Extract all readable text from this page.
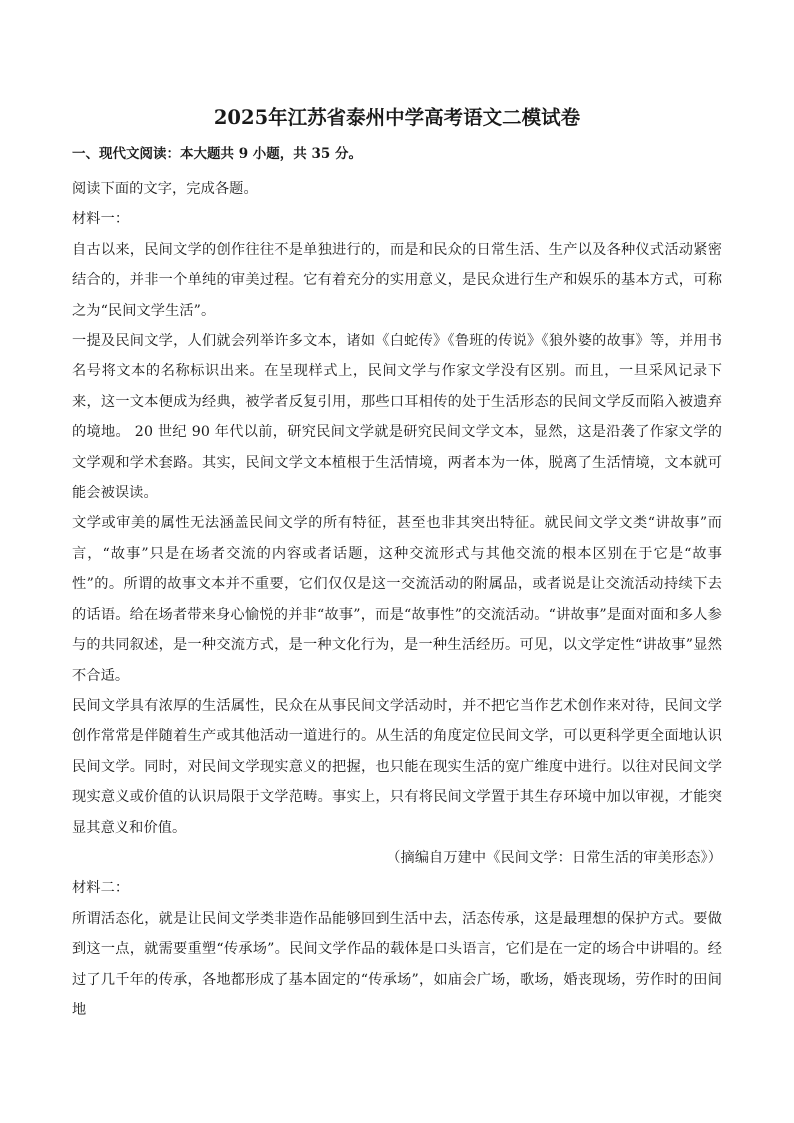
2025年江苏省泰州中学高考语文二模试卷
一、现代文阅读：本大题共 9 小题，共 35 分。

阅读下面的文字，完成各题。

材料一：

自古以来，民间文学的创作往往不是单独进行的，而是和民众的日常生活、生产以及各种仪式活动紧密结合的，并非一个单纯的审美过程。它有着充分的实用意义，是民众进行生产和娱乐的基本方式，可称之为“民间文学生活”。

一提及民间文学，人们就会列举许多文本，诸如《白蛇传》《鲁班的传说》《狼外婆的故事》等，并用书名号将文本的名称标识出来。在呈现样式上，民间文学与作家文学没有区别。而且，一旦采风记录下来，这一文本便成为经典，被学者反复引用，那些口耳相传的处于生活形态的民间文学反而陷入被遗弃的境地。 20 世纪 90 年代以前，研究民间文学就是研究民间文学文本，显然，这是沿袭了作家文学的文学观和学术套路。其实，民间文学文本植根于生活情境，两者本为一体，脱离了生活情境，文本就可能会被误读。

文学或审美的属性无法涵盖民间文学的所有特征，甚至也非其突出特征。就民间文学文类“讲故事”而言，“故事”只是在场者交流的内容或者话题，这种交流形式与其他交流的根本区别在于它是“故事性”的。所谓的故事文本并不重要，它们仅仅是这一交流活动的附属品，或者说是让交流活动持续下去的话语。给在场者带来身心愉悦的并非“故事”，而是“故事性”的交流活动。“讲故事”是面对面和多人参与的共同叙述，是一种交流方式，是一种文化行为，是一种生活经历。可见，以文学定性“讲故事”显然不合适。

民间文学具有浓厚的生活属性，民众在从事民间文学活动时，并不把它当作艺术创作来对待，民间文学创作常常是伴随着生产或其他活动一道进行的。从生活的角度定位民间文学，可以更科学更全面地认识民间文学。同时，对民间文学现实意义的把握，也只能在现实生活的宽广维度中进行。以往对民间文学现实意义或价值的认识局限于文学范畴。事实上，只有将民间文学置于其生存环境中加以审视，才能突显其意义和价值。

（摘编自万建中《民间文学：日常生活的审美形态》）

材料二：

所谓活态化，就是让民间文学类非造作品能够回到生活中去，活态传承，这是最理想的保护方式。要做到这一点，就需要重塑“传承场”。民间文学作品的载体是口头语言，它们是在一定的场合中讲唱的。经过了几千年的传承，各地都形成了基本固定的“传承场”，如庙会广场，歌场，婚丧现场，劳作时的田间地
